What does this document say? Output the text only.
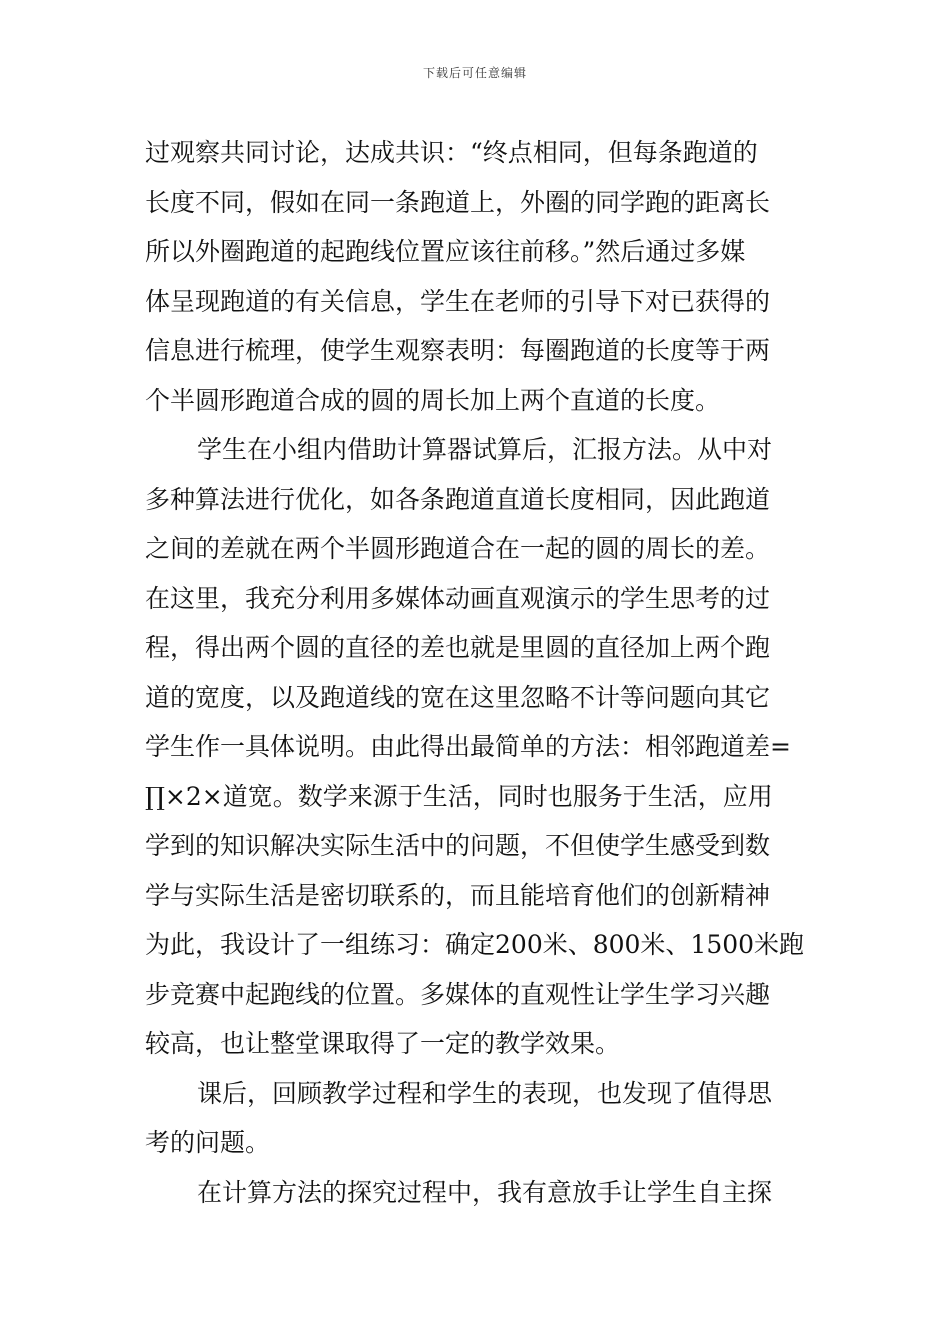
下载后可任意编辑
过观察共同讨论，达成共识：“终点相同，但每条跑道的
长度不同，假如在同一条跑道上，外圈的同学跑的距离长
所以外圈跑道的起跑线位置应该往前移。”然后通过多媒
体呈现跑道的有关信息，学生在老师的引导下对已获得的
信息进行梳理，使学生观察表明：每圈跑道的长度等于两
个半圆形跑道合成的圆的周长加上两个直道的长度。
学生在小组内借助计算器试算后，汇报方法。从中对
多种算法进行优化，如各条跑道直道长度相同，因此跑道
之间的差就在两个半圆形跑道合在一起的圆的周长的差。
在这里，我充分利用多媒体动画直观演示的学生思考的过
程，得出两个圆的直径的差也就是里圆的直径加上两个跑
道的宽度，以及跑道线的宽在这里忽略不计等问题向其它
学生作一具体说明。由此得出最简单的方法：相邻跑道差=
∏×2×道宽。数学来源于生活，同时也服务于生活，应用
学到的知识解决实际生活中的问题，不但使学生感受到数
学与实际生活是密切联系的，而且能培育他们的创新精神
为此，我设计了一组练习：确定200米、800米、1500米跑
步竞赛中起跑线的位置。多媒体的直观性让学生学习兴趣
较高，也让整堂课取得了一定的教学效果。
课后，回顾教学过程和学生的表现，也发现了值得思
考的问题。
在计算方法的探究过程中，我有意放手让学生自主探
